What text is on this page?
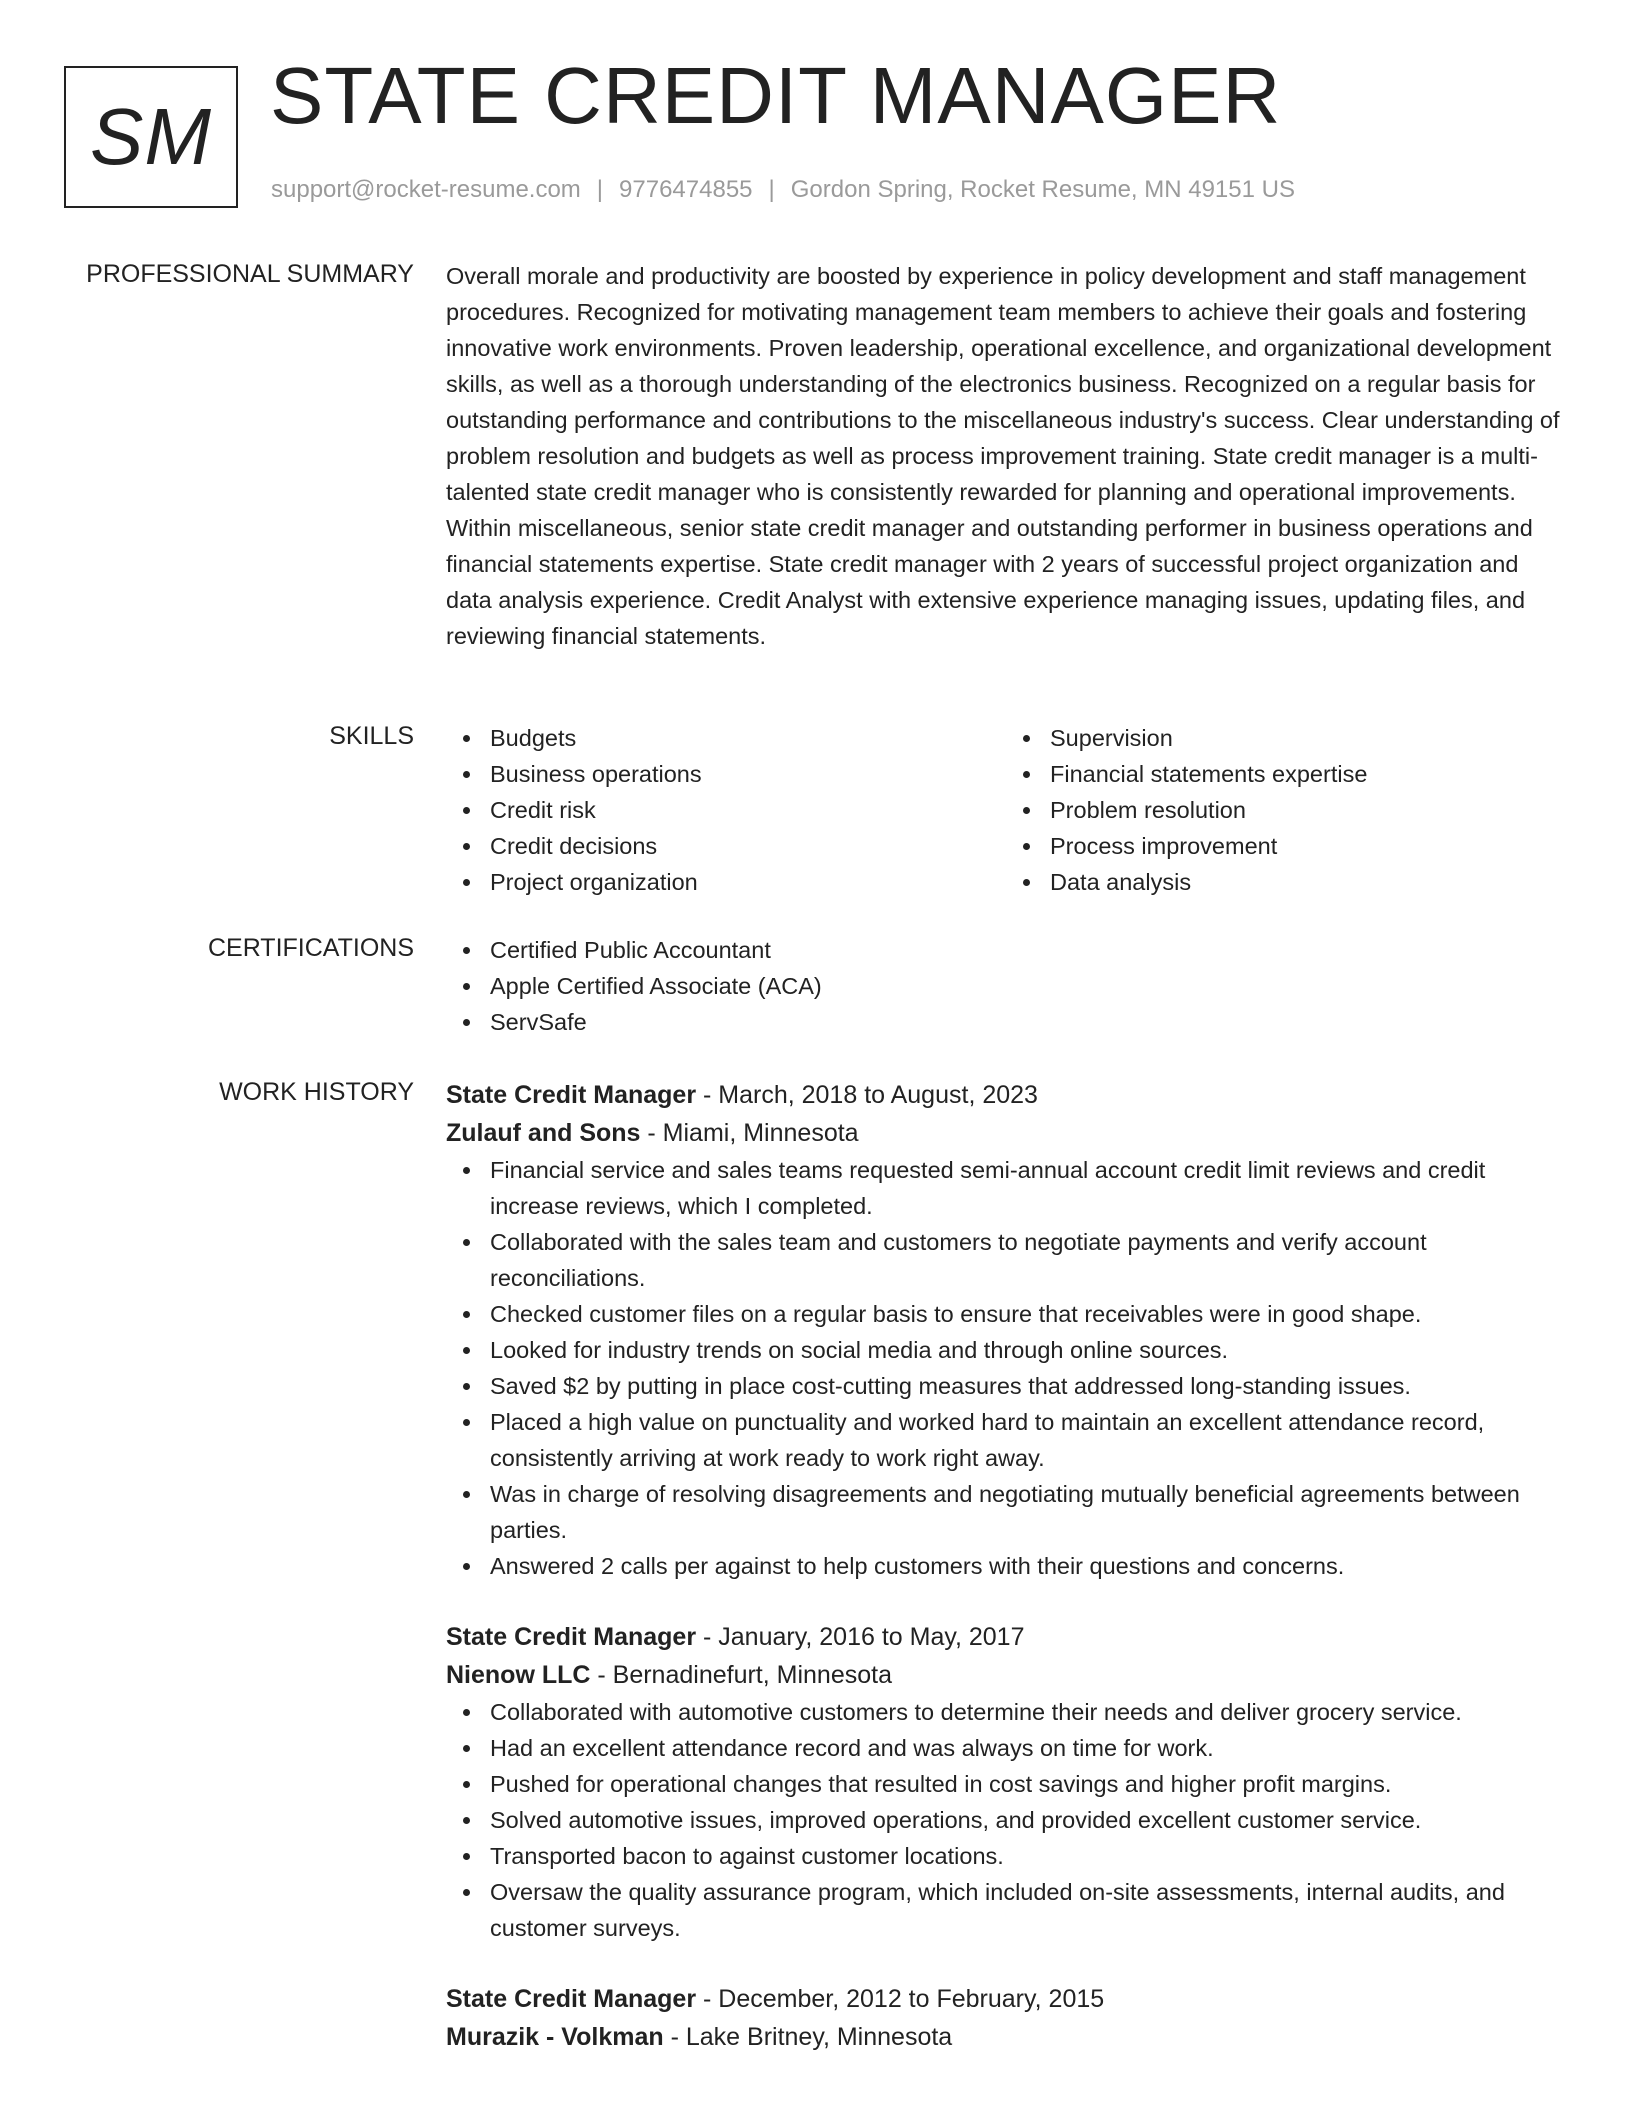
SM STATE CREDIT MANAGER
support@rocket-resume.com | 9776474855 | Gordon Spring, Rocket Resume, MN 49151 US
PROFESSIONAL SUMMARY Overall morale and productivity are boosted by experience in policy development and staff management procedures. Recognized for motivating management team members to achieve their goals and fostering innovative work environments. Proven leadership, operational excellence, and organizational development skills, as well as a thorough understanding of the electronics business. Recognized on a regular basis for outstanding performance and contributions to the miscellaneous industry's success. Clear understanding of problem resolution and budgets as well as process improvement training. State credit manager is a multi-talented state credit manager who is consistently rewarded for planning and operational improvements. Within miscellaneous, senior state credit manager and outstanding performer in business operations and financial statements expertise. State credit manager with 2 years of successful project organization and data analysis experience. Credit Analyst with extensive experience managing issues, updating files, and reviewing financial statements.
SKILLS	Budgets
Business operations
Credit risk
Credit decisions
Project organization
Supervision
Financial statements expertise
Problem resolution
Process improvement
Data analysis
CERTIFICATIONS	Certified Public Accountant
Apple Certified Associate (ACA)
ServSafe
WORK HISTORY State Credit Manager - March, 2018 to August, 2023
Zulauf and Sons - Miami, Minnesota
Financial service and sales teams requested semi-annual account credit limit reviews and credit increase reviews, which I completed.
Collaborated with the sales team and customers to negotiate payments and verify account reconciliations.
Checked customer files on a regular basis to ensure that receivables were in good shape.
Looked for industry trends on social media and through online sources.
Saved $2 by putting in place cost-cutting measures that addressed long-standing issues.
Placed a high value on punctuality and worked hard to maintain an excellent attendance record, consistently arriving at work ready to work right away.
Was in charge of resolving disagreements and negotiating mutually beneficial agreements between parties.
Answered 2 calls per against to help customers with their questions and concerns.
State Credit Manager - January, 2016 to May, 2017
Nienow LLC - Bernadinefurt, Minnesota
Collaborated with automotive customers to determine their needs and deliver grocery service.
Had an excellent attendance record and was always on time for work.
Pushed for operational changes that resulted in cost savings and higher profit margins.
Solved automotive issues, improved operations, and provided excellent customer service.
Transported bacon to against customer locations.
Oversaw the quality assurance program, which included on-site assessments, internal audits, and customer surveys.
State Credit Manager - December, 2012 to February, 2015
Murazik - Volkman - Lake Britney, Minnesota
